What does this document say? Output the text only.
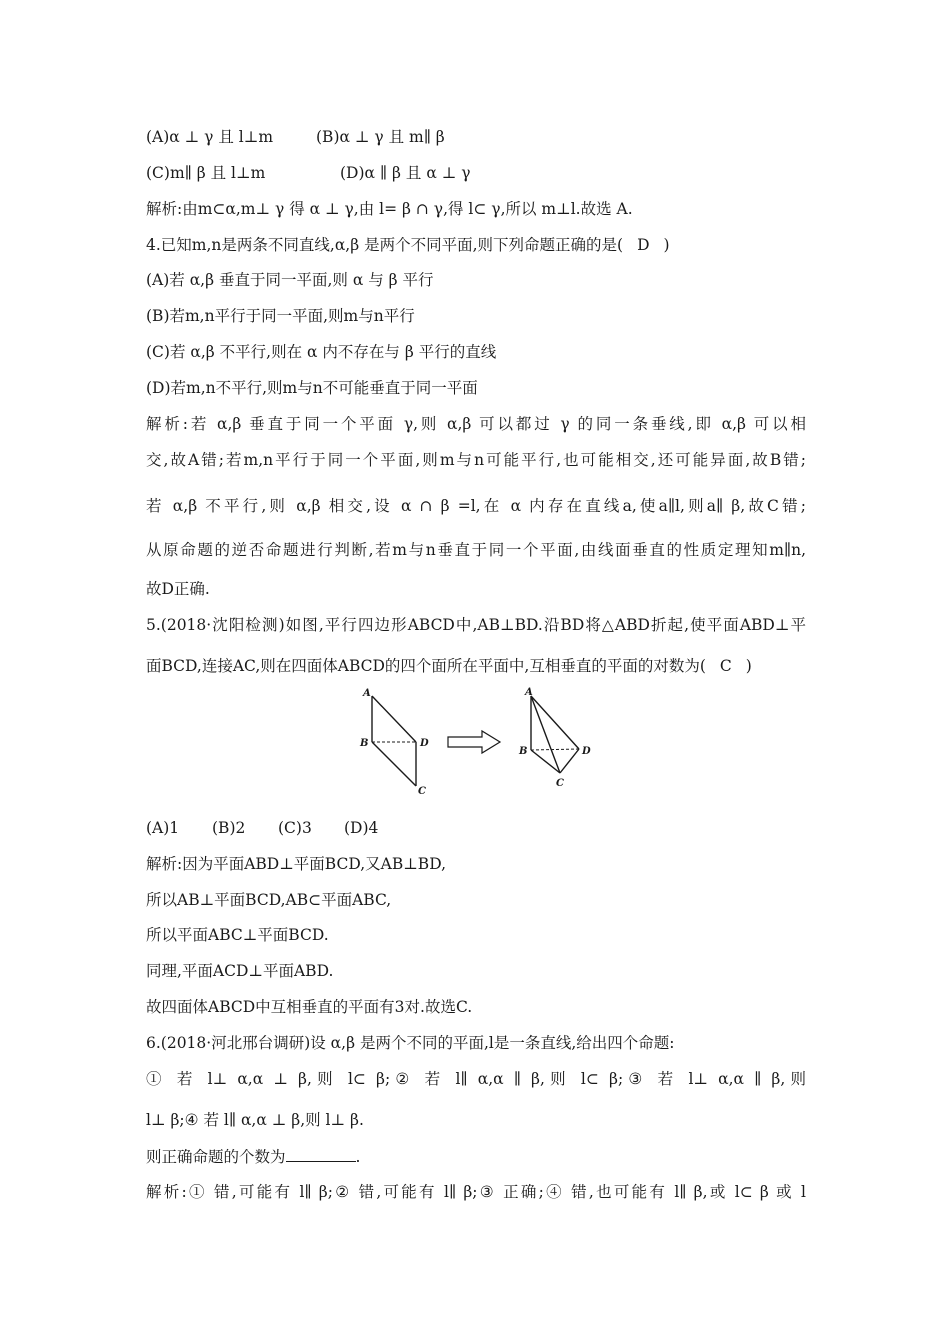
(A)α ⊥ γ 且 l⊥m	(B)α ⊥ γ 且 m∥ β
(C)m∥ β 且 l⊥m	(D)α ∥ β 且 α ⊥ γ
解析:由m⊂α,m⊥ γ 得 α ⊥ γ,由 l= β ∩ γ,得 l⊂ γ,所以 m⊥l.故选 A.
4.已知m,n是两条不同直线,α,β 是两个不同平面,则下列命题正确的是( D )
(A)若 α,β 垂直于同一平面,则 α 与 β 平行
(B)若m,n平行于同一平面,则m与n平行
(C)若 α,β 不平行,则在 α 内不存在与 β 平行的直线
(D)若m,n不平行,则m与n不可能垂直于同一平面
解析:若 α,β 垂直于同一个平面 γ,则 α,β 可以都过 γ 的同一条垂线,即 α,β 可以相
交,故A错;若m,n平行于同一个平面,则m与n可能平行,也可能相交,还可能异面,故B错;
若 α,β 不平行,则 α,β 相交,设 α ∩ β =l,在 α 内存在直线a,使a∥l,则a∥ β,故C错;
从原命题的逆否命题进行判断,若m与n垂直于同一个平面,由线面垂直的性质定理知m∥n,
故D正确.
5.(2018·沈阳检测)如图,平行四边形ABCD中,AB⊥BD.沿BD将△ABD折起,使平面ABD⊥平
面BCD,连接AC,则在四面体ABCD的四个面所在平面中,互相垂直的平面的对数为( C )
A
B	D
C
A
B	D
C
(A)1 (B)2 (C)3 (D)4
解析:因为平面ABD⊥平面BCD,又AB⊥BD,
所以AB⊥平面BCD,AB⊂平面ABC,
所以平面ABC⊥平面BCD.
同理,平面ACD⊥平面ABD.
故四面体ABCD中互相垂直的平面有3对.故选C.
6.(2018·河北邢台调研)设 α,β 是两个不同的平面,l是一条直线,给出四个命题:
① 若 l⊥ α,α ⊥ β,则 l⊂ β;② 若 l∥ α,α ∥ β,则 l⊂ β;③ 若 l⊥ α,α ∥ β,则
l⊥ β;④ 若 l∥ α,α ⊥ β,则 l⊥ β.
则正确命题的个数为	.
解析:① 错,可能有 l∥ β;② 错,可能有 l∥ β;③ 正确;④ 错,也可能有 l∥ β,或 l⊂ β 或 l
